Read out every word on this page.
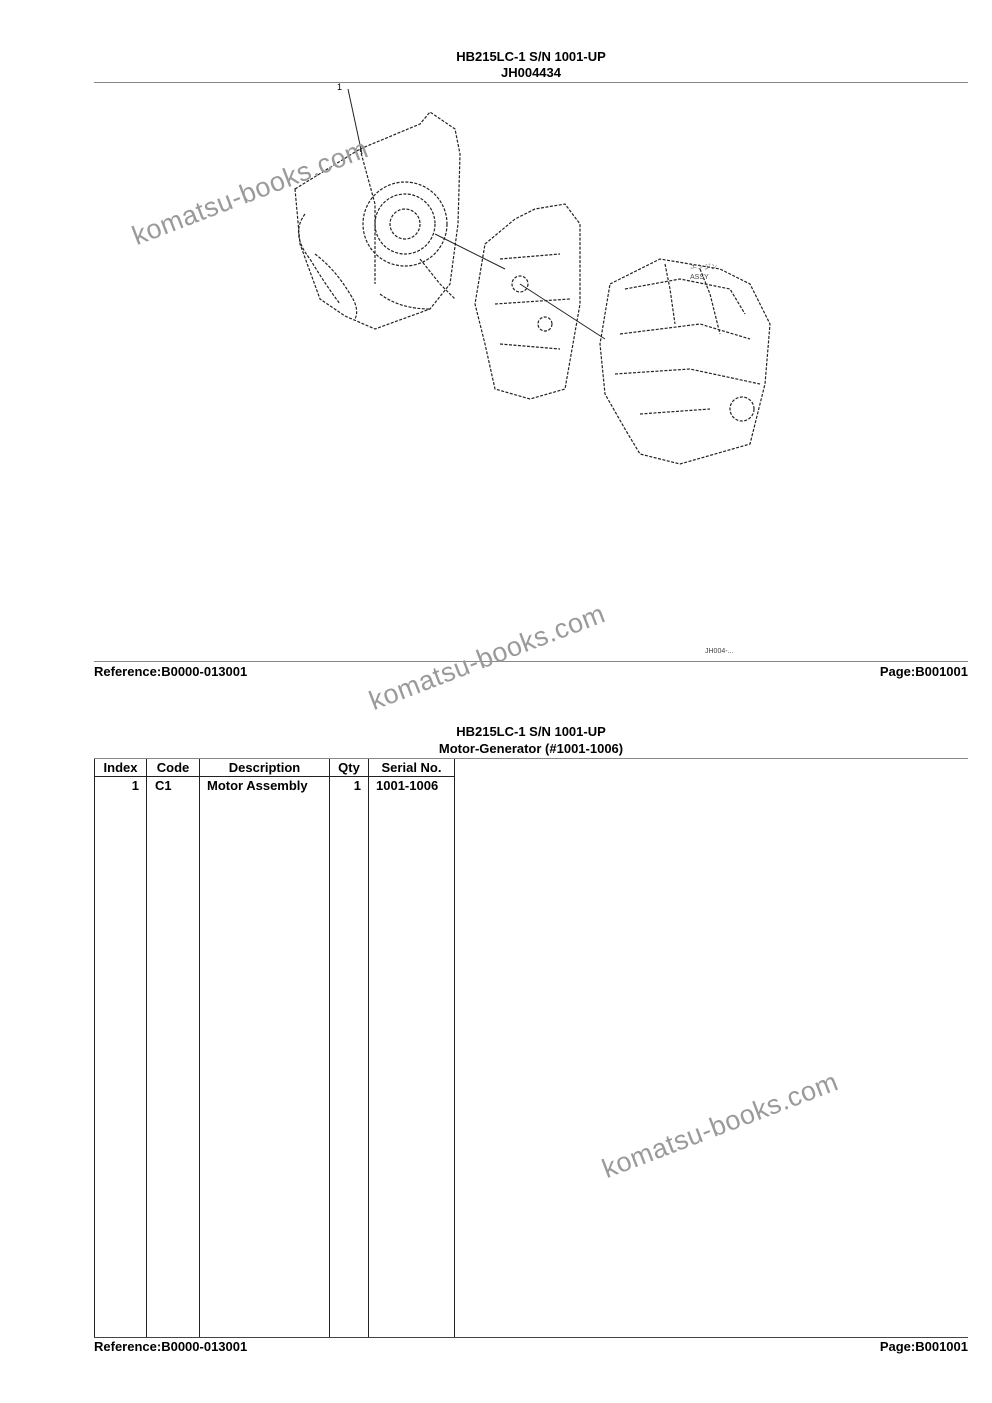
HB215LC-1 S/N 1001-UP
JH004434
1
エンジン
ASSY
JH004-...
Reference:B0000-013001	Page:B001001
HB215LC-1 S/N 1001-UP
Motor-Generator (#1001-1006)
Index	Code	Description	Qty	Serial No.
1 C1	Motor Assembly	1 1001-1006
Reference:B0000-013001	Page:B001001
komatsu-books.com
komatsu-books.com
komatsu-books.com
